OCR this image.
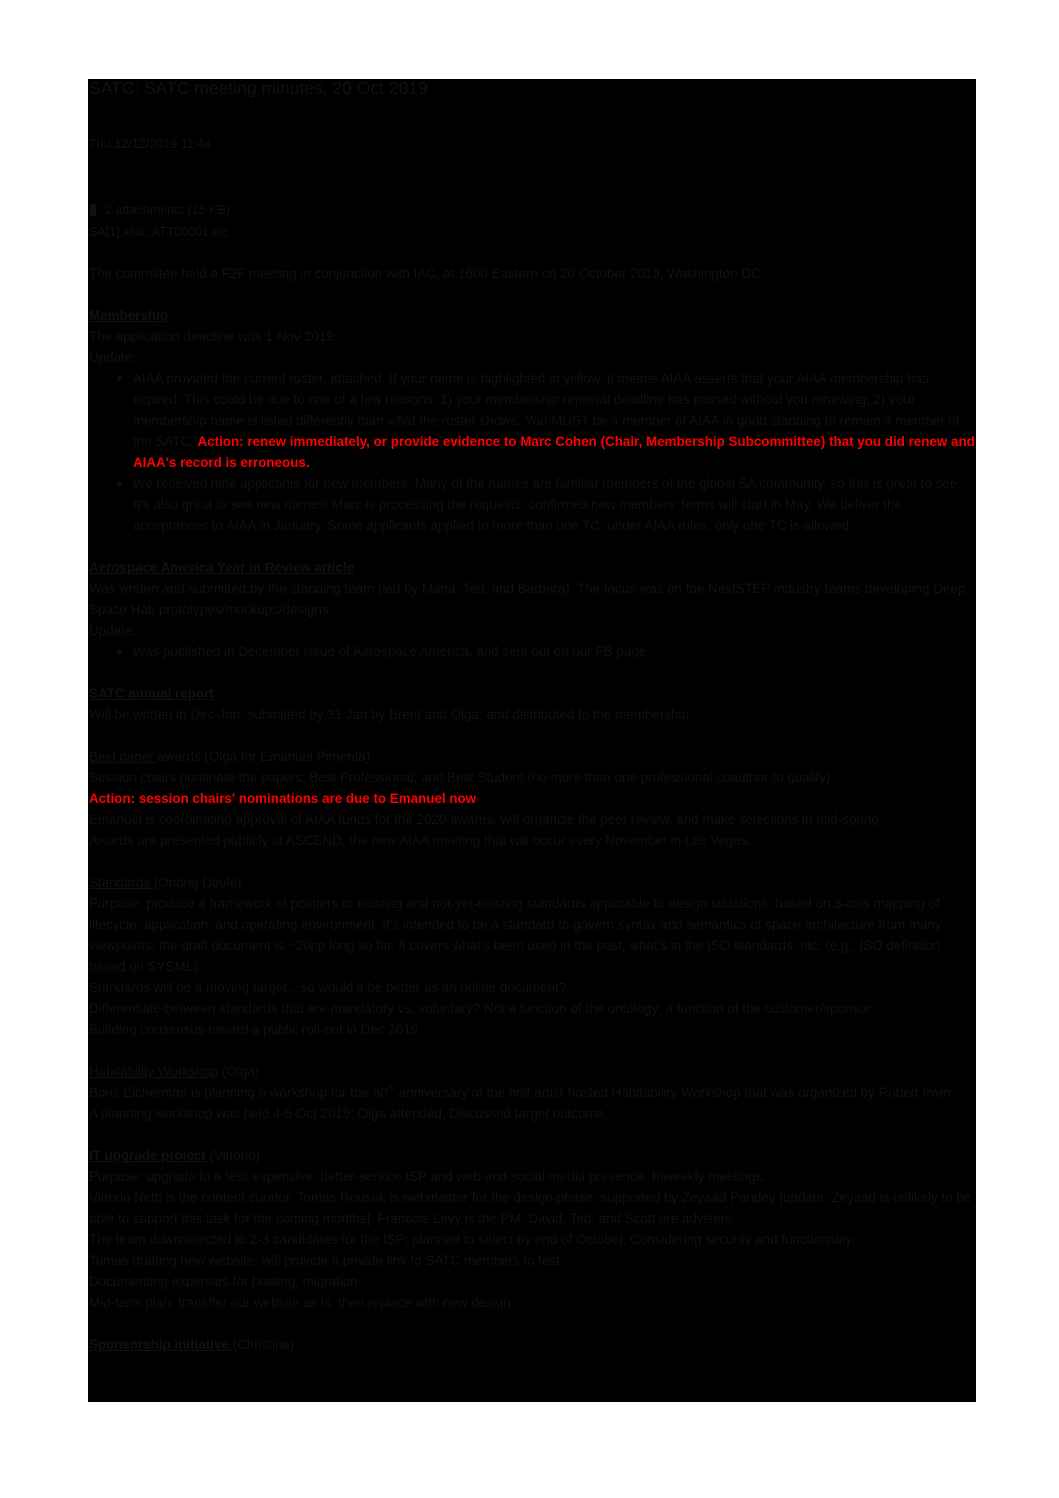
SATC: SATC meeting minutes, 20 Oct 2019
Thu 12/12/2019 11:44
2 attachments (16 KB)
SA[1].xlsx; ATT00001.txt;

The committee held a F2F meeting in conjunction with IAC, at 1600 Eastern on 20 October 2019, Washington DC.

Membership

The application deadline was 1 Nov 2019.

Update:

AIAA provided the current roster, attached. If your name is highlighted in yellow, it means AIAA asserts that your AIAA membership has expired. This could be due to one of a few reasons: 1) your membership renewal deadline has passed without you renewing; 2) your membership name is listed differently than what the roster shows. You MUST be a member of AIAA in good standing to remain a member of the SATC. Action: renew immediately, or provide evidence to Marc Cohen (Chair, Membership Subcommittee) that you did renew and AIAA's record is erroneous.
We received nine applicants for new members. Many of the names are familiar members of the global SA community, so this is great to see. It's also great to see new names! Marc is processing the requests: confirmed new members' terms will start in May. We deliver the acceptances to AIAA in January. Some applicants applied to more than one TC: under AIAA rules, only one TC is allowed.

Aerospace America Year in Review article

Was written and submitted by the standing team (led by Maria, Ted, and Barbara). The focus was on the NextSTEP industry teams developing Deep Space Hab prototypes/mockups/designs.

Update:

Was published in December issue of Aerospace America, and sent out on our FB page.

SATC annual report

Will be written in Dec-Jan, submitted by 31 Jan by Brent and Olga, and distributed to the membership.

Best paper awards (Olga for Emanuel Pimenta)

Session chairs nominate the papers: Best Professional; and Best Student (no more than one professional coauthor to qualify)

Action: session chairs' nominations are due to Emanuel now

Emanuel is coordinating approval of AIAA funds for the 2020 awards, will organize the peer review, and make selections in mid-spring.

Awards are presented publicly at ASCEND, the new AIAA meeting that will occur every November in Las Vegas.

Standards (Ondrej Doule)

Purpose: produce a framework of pointers to existing and not-yet-existing standards applicable to design situations, based on 3-axis mapping of lifecycle, application, and operating environment. It's intended to be a standard to govern syntax and semantics of space architecture from many viewpoints; the draft document is ~20pp long so far. It covers what's been used in the past, what's in the ISO standards, etc. (e.g., ISO definition based on SYSML).

Standards will be a moving target…so would it be better as an online document?

Differentiate between standards that are mandatory vs. voluntary? Not a function of the ontology; a function of the customer/sponsor.

Building consensus toward a public roll-out in Dec 2019.

Habitability Workshop (Olga)

Boris Eicherman is planning a workshop for the 50th anniversary of the first artist-hosted Habitability Workshop that was organized by Robert Irwin.

A planning workshop was held 4-5 Oct 2019; Olga attended. Discussed target outcome.

IT upgrade project (Vittorio)

Purpose: upgrade to a less expensive, better-service ISP and web and social media presence. Biweekly meetings.

Vittorio Netti is the content curator. Tomas Rousek is webmaster for the design phase, supported by Zeyaad Pandey [update: Zeyaad is unlikely to be able to support this task for the coming months]. Francois Levy is the PM. David, Ted, and Scott are advisers.

The team downselected to 2-3 candidates for the ISP; planned to select by end of October. Considering security and functionality.

Tomas drafting new website; will provide a private link to SATC members to test.

Documenting expenses for hosting, migration…

Mid-term plan: transffer our website as is, then replace with new design.

Sponsorship initiative (Christina)
